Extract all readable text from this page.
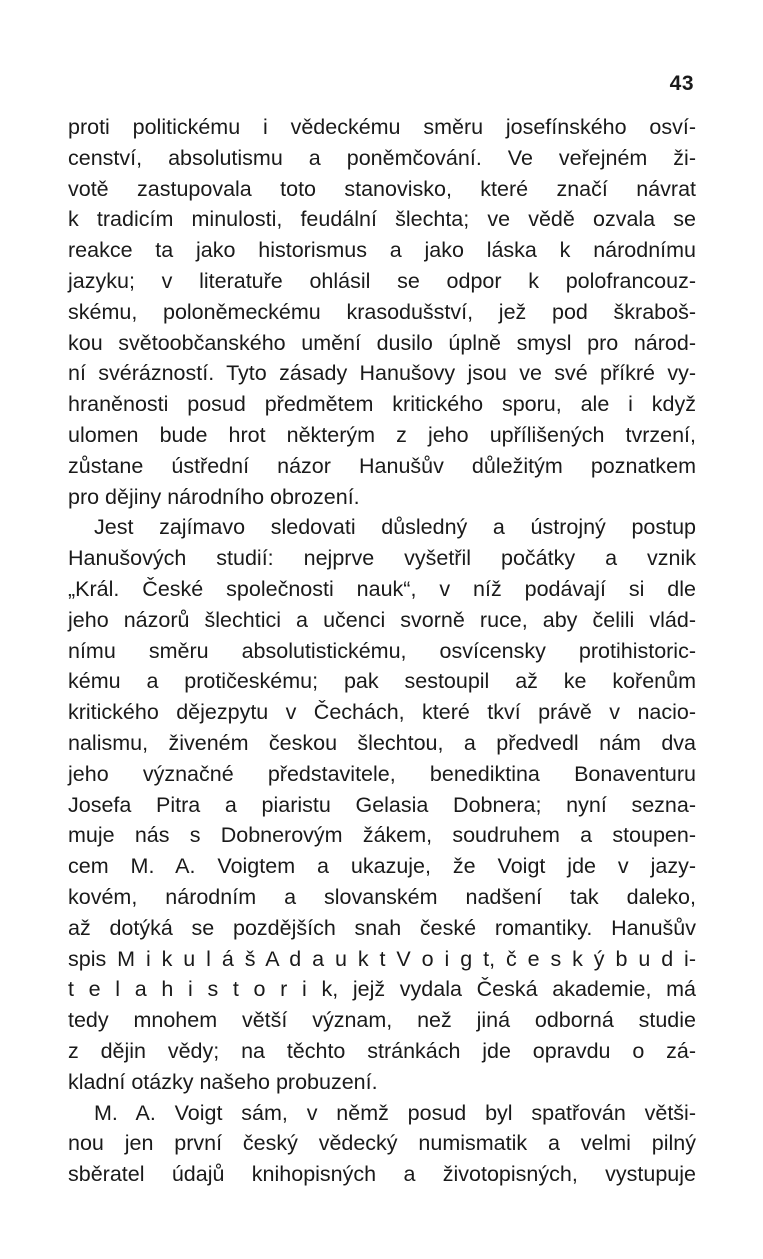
43
proti politickému i vědeckému směru josefínského osví-
cenství, absolutismu a poněmčování. Ve veřejném ži-
votě zastupovala toto stanovisko, které značí návrat
k tradicím minulosti, feudální šlechta; ve vědě ozvala se
reakce ta jako historismus a jako láska k národnímu
jazyku; v literatuře ohlásil se odpor k polofrancouz-
skému, poloněmeckému krasodušství, jež pod škraboš-
kou světoobčanského umění dusilo úplně smysl pro národ-
ní svérázností. Tyto zásady Hanušovy jsou ve své příkré vy-
hraněnosti posud předmětem kritického sporu, ale i když
ulomen bude hrot některým z jeho upřílišených tvrzení,
zůstane ústřední názor Hanušův důležitým poznatkem
pro dějiny národního obrození.
Jest zajímavo sledovati důsledný a ústrojný postup
Hanušových studií: nejprve vyšetřil počátky a vznik
„Král. České společnosti nauk“, v níž podávají si dle
jeho názorů šlechtici a učenci svorně ruce, aby čelili vlád-
nímu směru absolutistickému, osvícensky protihistoric-
kému a protičeskému; pak sestoupil až ke kořenům
kritického dějezpytu v Čechách, které tkví právě v nacio-
nalismu, živeném českou šlechtou, a předvedl nám dva
jeho význačné představitele, benediktina Bonaventuru
Josefa Pitra a piaristu Gelasia Dobnera; nyní sezna-
muje nás s Dobnerovým žákem, soudruhem a stoupen-
cem M. A. Voigtem a ukazuje, že Voigt jde v jazy-
kovém, národním a slovanském nadšení tak daleko,
až dotýká se pozdějších snah české romantiky. Hanušův
spis M i k u l á š A d a u k t V o i g t, č e s k ý b u d i-
t e l a h i s t o r i k, jejž vydala Česká akademie, má
tedy mnohem větší význam, než jiná odborná studie
z dějin vědy; na těchto stránkách jde opravdu o zá-
kladní otázky našeho probuzení.
M. A. Voigt sám, v němž posud byl spatřován větši-
nou jen první český vědecký numismatik a velmi pilný
sběratel údajů knihopisných a životopisných, vystupuje
